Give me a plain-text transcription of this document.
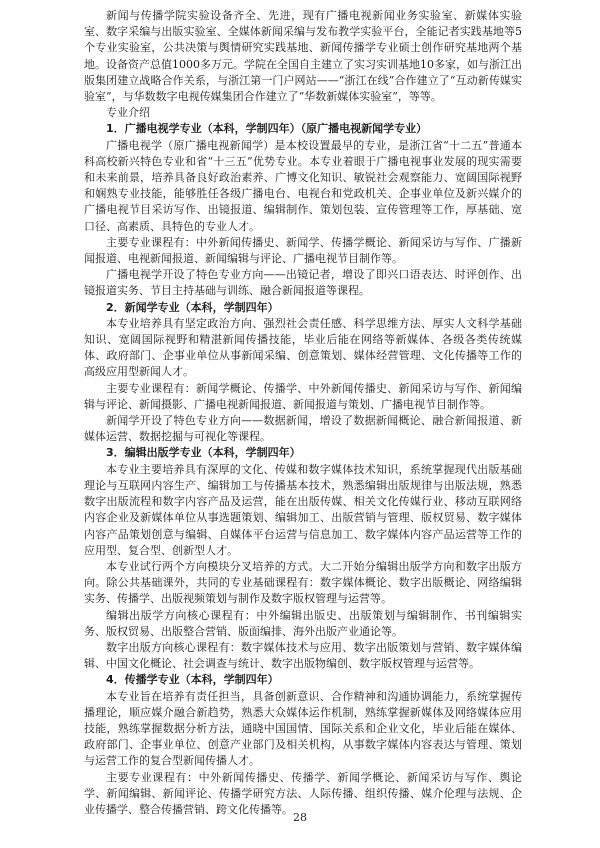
新闻与传播学院实验设备齐全、先进，现有广播电视新闻业务实验室、新媒体实验室、数字采编与出版实验室、全媒体新闻采编与发布教学实验平台，全能记者实践基地等5个专业实验室，公共决策与舆情研究实践基地、新闻传播学专业硕士创作研究基地两个基地。设备资产总值1000多万元。学院在全国自主建立了实习实训基地10多家，如与浙江出版集团建立战略合作关系，与浙江第一门户网站——“浙江在线”合作建立了“互动新传媒实验室”，与华数数字电视传媒集团合作建立了“华数新媒体实验室”，等等。

专业介绍

1．广播电视学专业（本科，学制四年）（原广播电视新闻学专业）

广播电视学（原广播电视新闻学）是本校设置最早的专业，是浙江省“十二五”普通本科高校新兴特色专业和省“十三五”优势专业。本专业着眼于广播电视事业发展的现实需要和未来前景，培养具备良好政治素养、广博文化知识、敏锐社会观察能力、宽阔国际视野和娴熟专业技能，能够胜任各级广播电台、电视台和党政机关、企事业单位及新兴媒介的广播电视节目采访写作、出镜报道、编辑制作、策划包装、宣传管理等工作，厚基础、宽口径、高素质、具特色的专业人才。

主要专业课程有：中外新闻传播史、新闻学、传播学概论、新闻采访与写作、广播新闻报道、电视新闻报道、新闻编辑与评论、广播电视节目制作等。

广播电视学开设了特色专业方向——出镜记者，增设了即兴口语表达、时评创作、出镜报道实务、节目主持基础与训练、融合新闻报道等课程。

2．新闻学专业（本科，学制四年）

本专业培养具有坚定政治方向、强烈社会责任感、科学思维方法、厚实人文科学基础知识、宽阔国际视野和精湛新闻传播技能，毕业后能在网络等新媒体、各级各类传统媒体、政府部门、企事业单位从事新闻采编、创意策划、媒体经营管理、文化传播等工作的高级应用型新闻人才。

主要专业课程有：新闻学概论、传播学、中外新闻传播史、新闻采访与写作、新闻编辑与评论、新闻摄影、广播电视新闻报道、新闻报道与策划、广播电视节目制作等。

新闻学开设了特色专业方向——数据新闻，增设了数据新闻概论、融合新闻报道、新媒体运营、数据挖掘与可视化等课程。

3．编辑出版学专业（本科，学制四年）

本专业主要培养具有深厚的文化、传媒和数字媒体技术知识，系统掌握现代出版基础理论与互联网内容生产、编辑加工与传播基本技术，熟悉编辑出版规律与出版法规，熟悉数字出版流程和数字内容产品及运营，能在出版传媒、相关文化传媒行业、移动互联网络内容企业及新媒体单位从事选题策划、编辑加工、出版营销与管理、版权贸易、数字媒体内容产品策划创意与编辑、自媒体平台运营与信息加工、数字媒体内容产品运营等工作的应用型、复合型、创新型人才。

本专业试行两个方向模块分叉培养的方式。大二开始分编辑出版学方向和数字出版方向。除公共基础课外，共同的专业基础课程有：数字媒体概论、数字出版概论、网络编辑实务、传播学、出版视频策划与制作及数字版权管理与运营等。

编辑出版学方向核心课程有：中外编辑出版史、出版策划与编辑制作、书刊编辑实务、版权贸易、出版整合营销、版面编排、海外出版产业通论等。

数字出版方向核心课程有：数字媒体技术与应用、数字出版策划与营销、数字媒体编辑、中国文化概论、社会调查与统计、数字出版物编创、数字版权管理与运营等。

4．传播学专业（本科，学制四年）

本专业旨在培养有责任担当，具备创新意识、合作精神和沟通协调能力，系统掌握传播理论，顺应媒介融合新趋势，熟悉大众媒体运作机制，熟练掌握新媒体及网络媒体应用技能，熟练掌握数据分析方法，通晓中国国情、国际关系和企业文化，毕业后能在媒体、政府部门、企事业单位、创意产业部门及相关机构，从事数字媒体内容表达与管理、策划与运营工作的复合型新闻传播人才。

主要专业课程有：中外新闻传播史、传播学、新闻学概论、新闻采访与写作、舆论学、新闻编辑、新闻评论、传播学研究方法、人际传播、组织传播、媒介伦理与法规、企业传播学、整合传播营销、跨文化传播等。

28
